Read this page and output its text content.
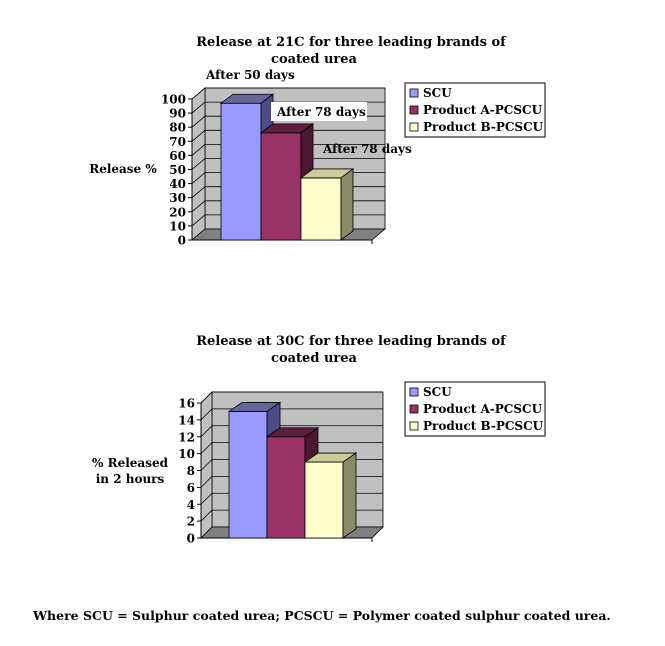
Release at 21C for three leading brands of
coated urea
Release %
0
10
20
30
40
50
60
70
80
90
100
After 50 days
After 78 days
After 78 days
SCU
Product A-PCSCU
Product B-PCSCU
Release at 30C for three leading brands of
coated urea
% Released
in 2 hours
0
2
4
6
8
10
12
14
16
SCU
Product A-PCSCU
Product B-PCSCU
Where SCU = Sulphur coated urea; PCSCU = Polymer coated sulphur coated urea.
